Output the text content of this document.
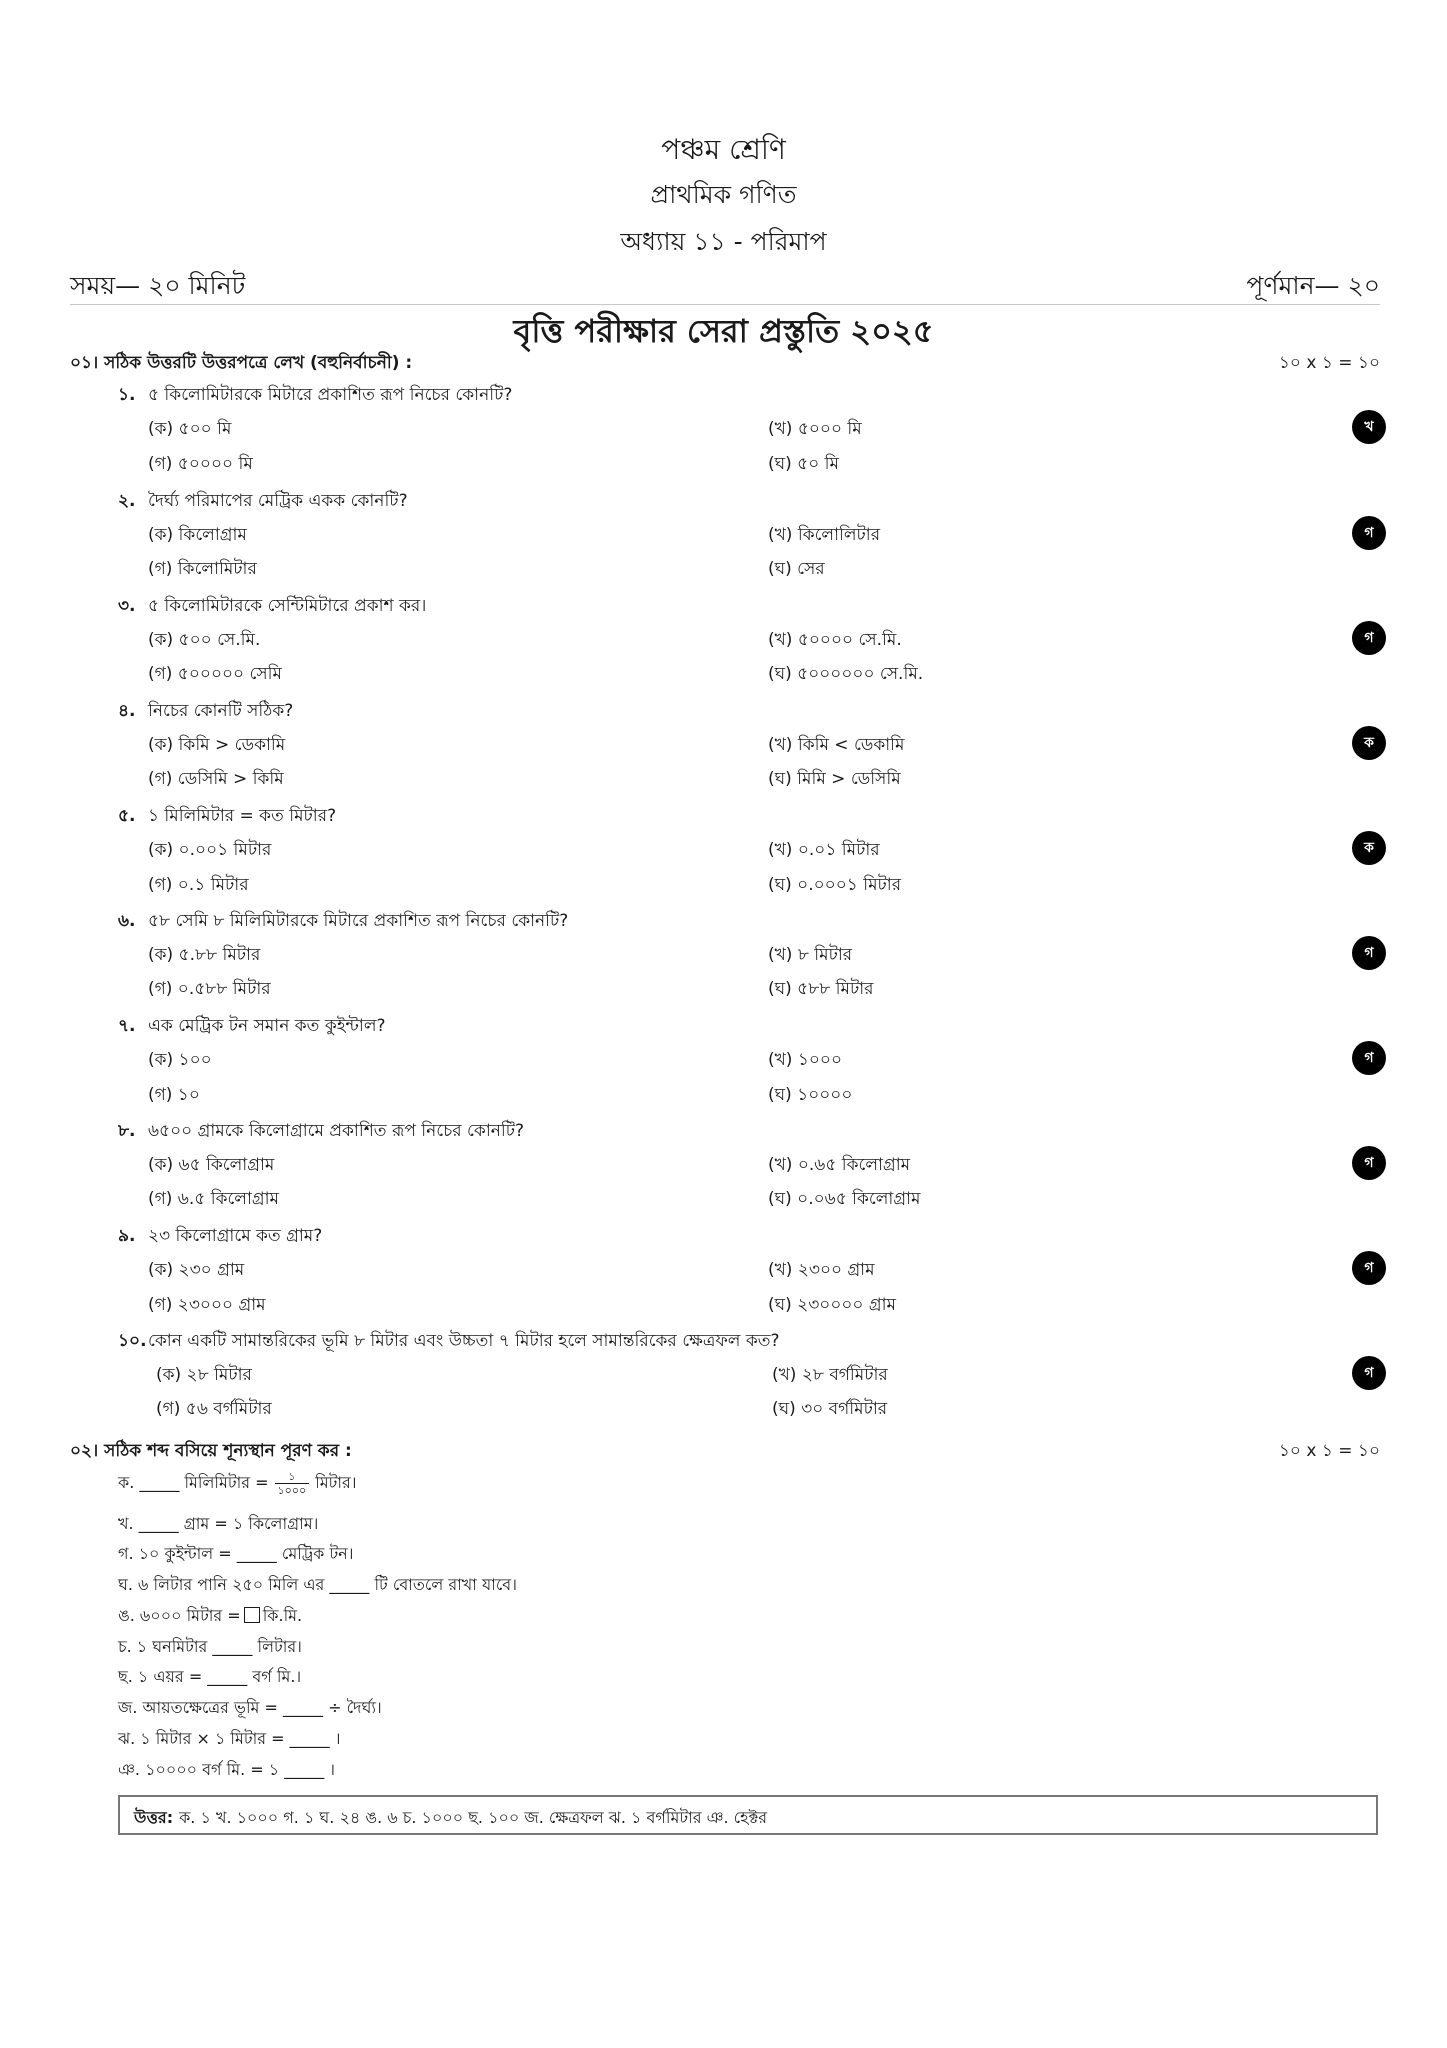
পঞ্চম শ্রেণি
প্রাথমিক গণিত
অধ্যায় ১১ - পরিমাপ
সময়— ২০ মিনিট	পূর্ণমান— ২০
বৃত্তি পরীক্ষার সেরা প্রস্তুতি ২০২৫
০১। সঠিক উত্তরটি উত্তরপত্রে লেখ (বহুনির্বাচনী) :	১০ x ১ = ১০
১. ৫ কিলোমিটারকে মিটারে প্রকাশিত রূপ নিচের কোনটি?
(ক) ৫০০ মি	(খ) ৫০০০ মি
(গ) ৫০০০০ মি	(ঘ) ৫০ মি
খ
২. দৈর্ঘ্য পরিমাপের মেট্রিক একক কোনটি?
(ক) কিলোগ্রাম	(খ) কিলোলিটার
(গ) কিলোমিটার	(ঘ) সের
গ
৩. ৫ কিলোমিটারকে সেন্টিমিটারে প্রকাশ কর।
(ক) ৫০০ সে.মি.	(খ) ৫০০০০ সে.মি.
(গ) ৫০০০০০ সেমি	(ঘ) ৫০০০০০০ সে.মি.
গ
৪. নিচের কোনটি সঠিক?
(ক) কিমি > ডেকামি	(খ) কিমি < ডেকামি
(গ) ডেসিমি > কিমি	(ঘ) মিমি > ডেসিমি
ক
৫. ১ মিলিমিটার = কত মিটার?
(ক) ০.০০১ মিটার	(খ) ০.০১ মিটার
(গ) ০.১ মিটার	(ঘ) ০.০০০১ মিটার
ক
৬. ৫৮ সেমি ৮ মিলিমিটারকে মিটারে প্রকাশিত রূপ নিচের কোনটি?
(ক) ৫.৮৮ মিটার	(খ) ৮ মিটার
(গ) ০.৫৮৮ মিটার	(ঘ) ৫৮৮ মিটার
গ
৭. এক মেট্রিক টন সমান কত কুইন্টাল?
(ক) ১০০	(খ) ১০০০
(গ) ১০	(ঘ) ১০০০০
গ
৮. ৬৫০০ গ্রামকে কিলোগ্রামে প্রকাশিত রূপ নিচের কোনটি?
(ক) ৬৫ কিলোগ্রাম	(খ) ০.৬৫ কিলোগ্রাম
(গ) ৬.৫ কিলোগ্রাম	(ঘ) ০.০৬৫ কিলোগ্রাম
গ
৯. ২৩ কিলোগ্রামে কত গ্রাম?
(ক) ২৩০ গ্রাম	(খ) ২৩০০ গ্রাম
(গ) ২৩০০০ গ্রাম	(ঘ) ২৩০০০০ গ্রাম
গ
১০.কোন একটি সামান্তরিকের ভূমি ৮ মিটার এবং উচ্চতা ৭ মিটার হলে সামান্তরিকের ক্ষেত্রফল কত?
(ক) ২৮ মিটার	(খ) ২৮ বর্গমিটার
(গ) ৫৬ বর্গমিটার	(ঘ) ৩০ বর্গমিটার
গ
০২। সঠিক শব্দ বসিয়ে শূন্যস্থান পূরণ কর :	১০ x ১ = ১০
ক. _____ মিলিমিটার = $\frac{১}{১০০০}$ মিটার।
খ. _____ গ্রাম = ১ কিলোগ্রাম।
গ. ১০ কুইন্টাল = _____ মেট্রিক টন।
ঘ. ৬ লিটার পানি ২৫০ মিলি এর _____ টি বোতলে রাখা যাবে।
ঙ. ৬০০০ মিটার = কি.মি.
চ. ১ ঘনমিটার _____ লিটার।
ছ. ১ এয়র = _____ বর্গ মি.।
জ. আয়তক্ষেত্রের ভূমি = _____ ÷ দৈর্ঘ্য।
ঝ. ১ মিটার × ১ মিটার = _____ ।
ঞ. ১০০০০ বর্গ মি. = ১ _____ ।
উত্তর: ক. ১ খ. ১০০০ গ. ১ ঘ. ২৪ ঙ. ৬ চ. ১০০০ ছ. ১০০ জ. ক্ষেত্রফল ঝ. ১ বর্গমিটার ঞ. হেক্টর
